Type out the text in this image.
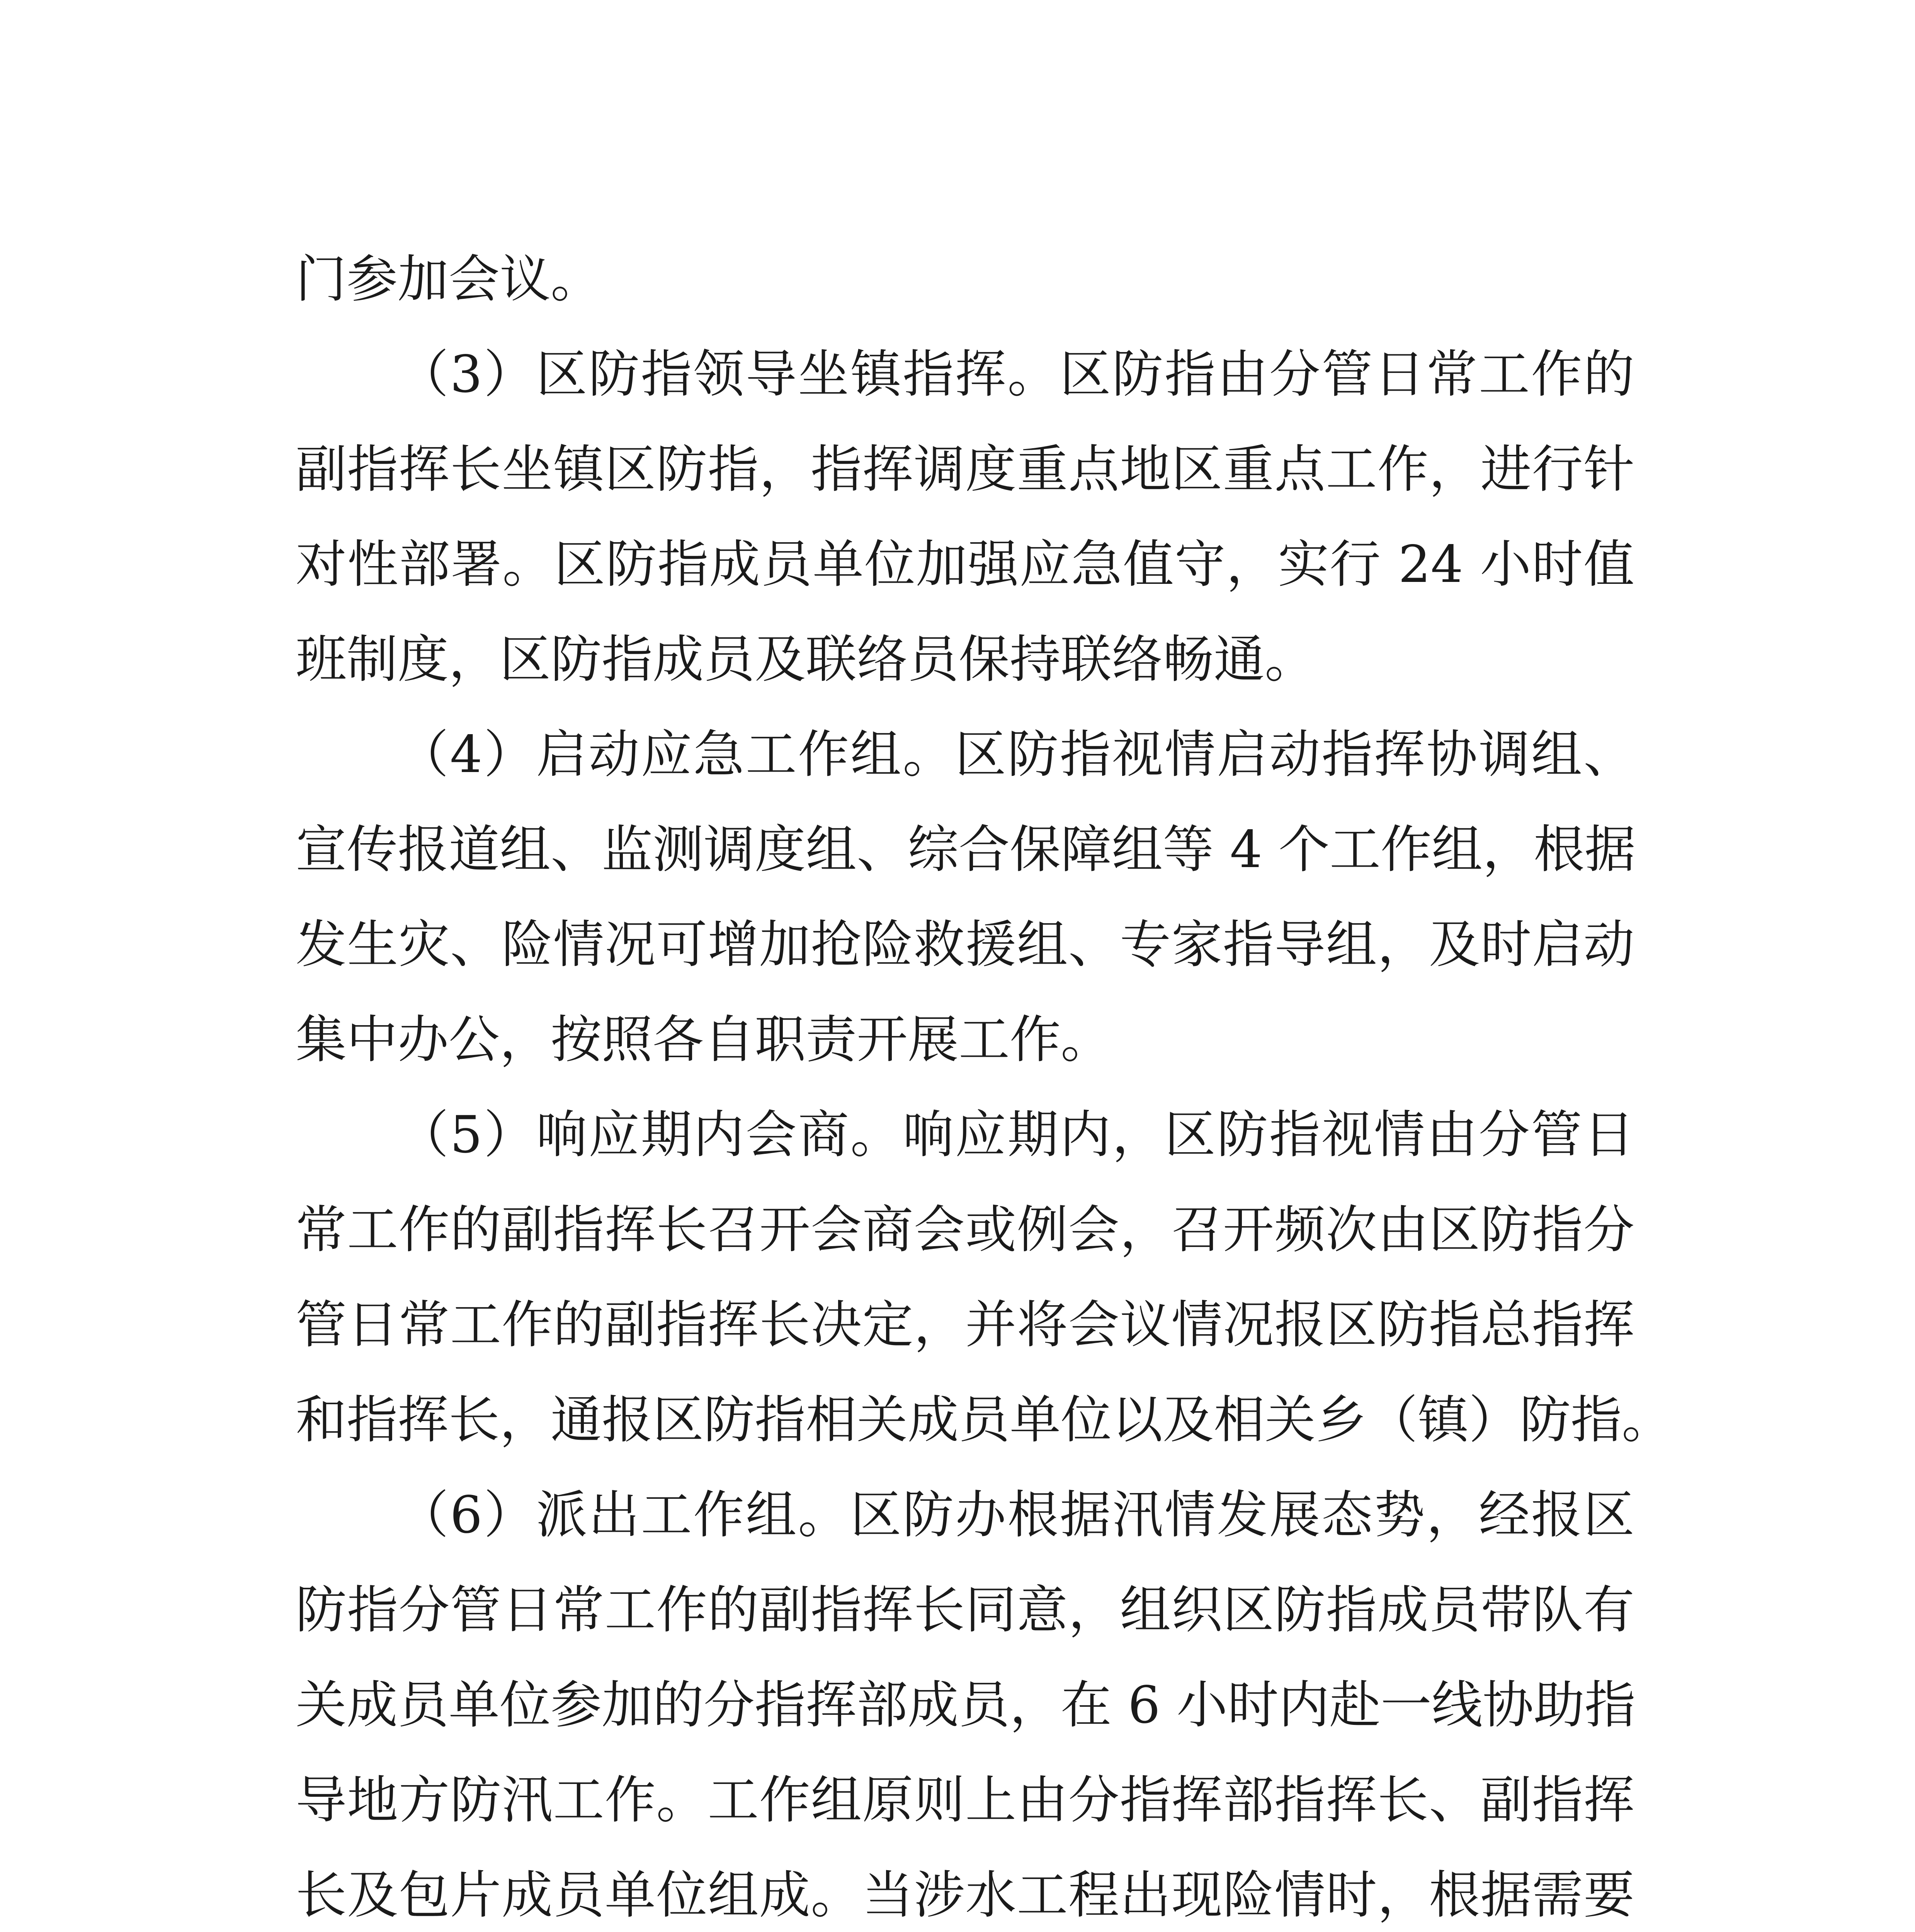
门参加会议。
（3）区防指领导坐镇指挥。区防指由分管日常工作的
副指挥长坐镇区防指，指挥调度重点地区重点工作，进行针
对性部署。区防指成员单位加强应急值守，实行 24 小时值
班制度，区防指成员及联络员保持联络畅通。
（4）启动应急工作组。区防指视情启动指挥协调组、
宣传报道组、监测调度组、综合保障组等 4 个工作组，根据
发生灾、险情况可增加抢险救援组、专家指导组，及时启动
集中办公，按照各自职责开展工作。
（5）响应期内会商。响应期内，区防指视情由分管日
常工作的副指挥长召开会商会或例会，召开频次由区防指分
管日常工作的副指挥长决定，并将会议情况报区防指总指挥
和指挥长，通报区防指相关成员单位以及相关乡（镇）防指。
（6）派出工作组。区防办根据汛情发展态势，经报区
防指分管日常工作的副指挥长同意，组织区防指成员带队有
关成员单位参加的分指挥部成员，在 6 小时内赴一线协助指
导地方防汛工作。工作组原则上由分指挥部指挥长、副指挥
长及包片成员单位组成。当涉水工程出现险情时，根据需要
